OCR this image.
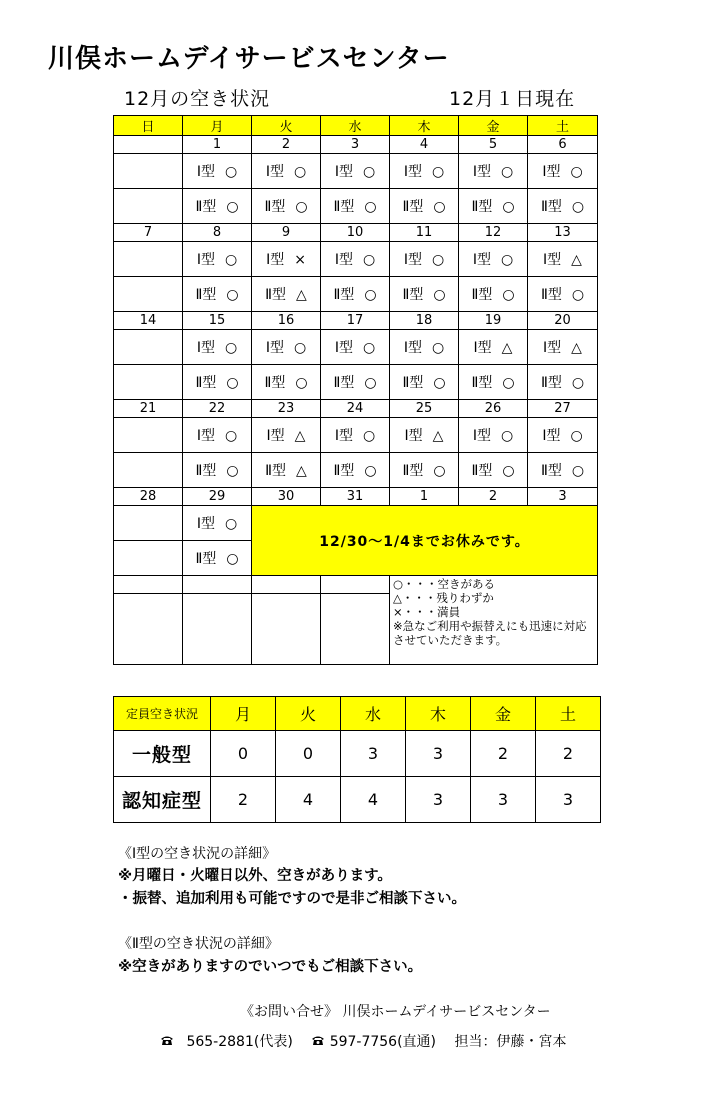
川俣ホームデイサービスセンター
12月の空き状況	12月１日現在
日	月	火	水	木	金	土
	1	2	3	4	5	6
	Ⅰ型 ○	Ⅰ型 ○	Ⅰ型 ○	Ⅰ型 ○	Ⅰ型 ○	Ⅰ型 ○
	Ⅱ型 ○	Ⅱ型 ○	Ⅱ型 ○	Ⅱ型 ○	Ⅱ型 ○	Ⅱ型 ○
7	8	9	10	11	12	13
	Ⅰ型 ○	Ⅰ型 ×	Ⅰ型 ○	Ⅰ型 ○	Ⅰ型 ○	Ⅰ型 △
	Ⅱ型 ○	Ⅱ型 △	Ⅱ型 ○	Ⅱ型 ○	Ⅱ型 ○	Ⅱ型 ○
14	15	16	17	18	19	20
	Ⅰ型 ○	Ⅰ型 ○	Ⅰ型 ○	Ⅰ型 ○	Ⅰ型 △	Ⅰ型 △
	Ⅱ型 ○	Ⅱ型 ○	Ⅱ型 ○	Ⅱ型 ○	Ⅱ型 ○	Ⅱ型 ○
21	22	23	24	25	26	27
	Ⅰ型 ○	Ⅰ型 △	Ⅰ型 ○	Ⅰ型 △	Ⅰ型 ○	Ⅰ型 ○
	Ⅱ型 ○	Ⅱ型 △	Ⅱ型 ○	Ⅱ型 ○	Ⅱ型 ○	Ⅱ型 ○
28	29	30	31	1	2	3
	Ⅰ型 ○	12/30～1/4までお休みです。				
	Ⅱ型 ○					

				○・・・空きがある
△・・・残りわずか
×・・・満員
※急なご利用や振替えにも迅速に対応させていただきます。		

定員空き状況	月	火	水	木	金	土
一般型	0	0	3	3	2	2
認知症型	2	4	4	3	3	3
《Ⅰ型の空き状況の詳細》
※月曜日・火曜日以外、空きがあります。
・振替、追加利用も可能ですので是非ご相談下さい。
《Ⅱ型の空き状況の詳細》
※空きがありますのでいつでもご相談下さい。
《お問い合せ》 川俣ホームデイサービスセンター
565-2881(代表)	597-7756(直通) 担当：伊藤・宮本
